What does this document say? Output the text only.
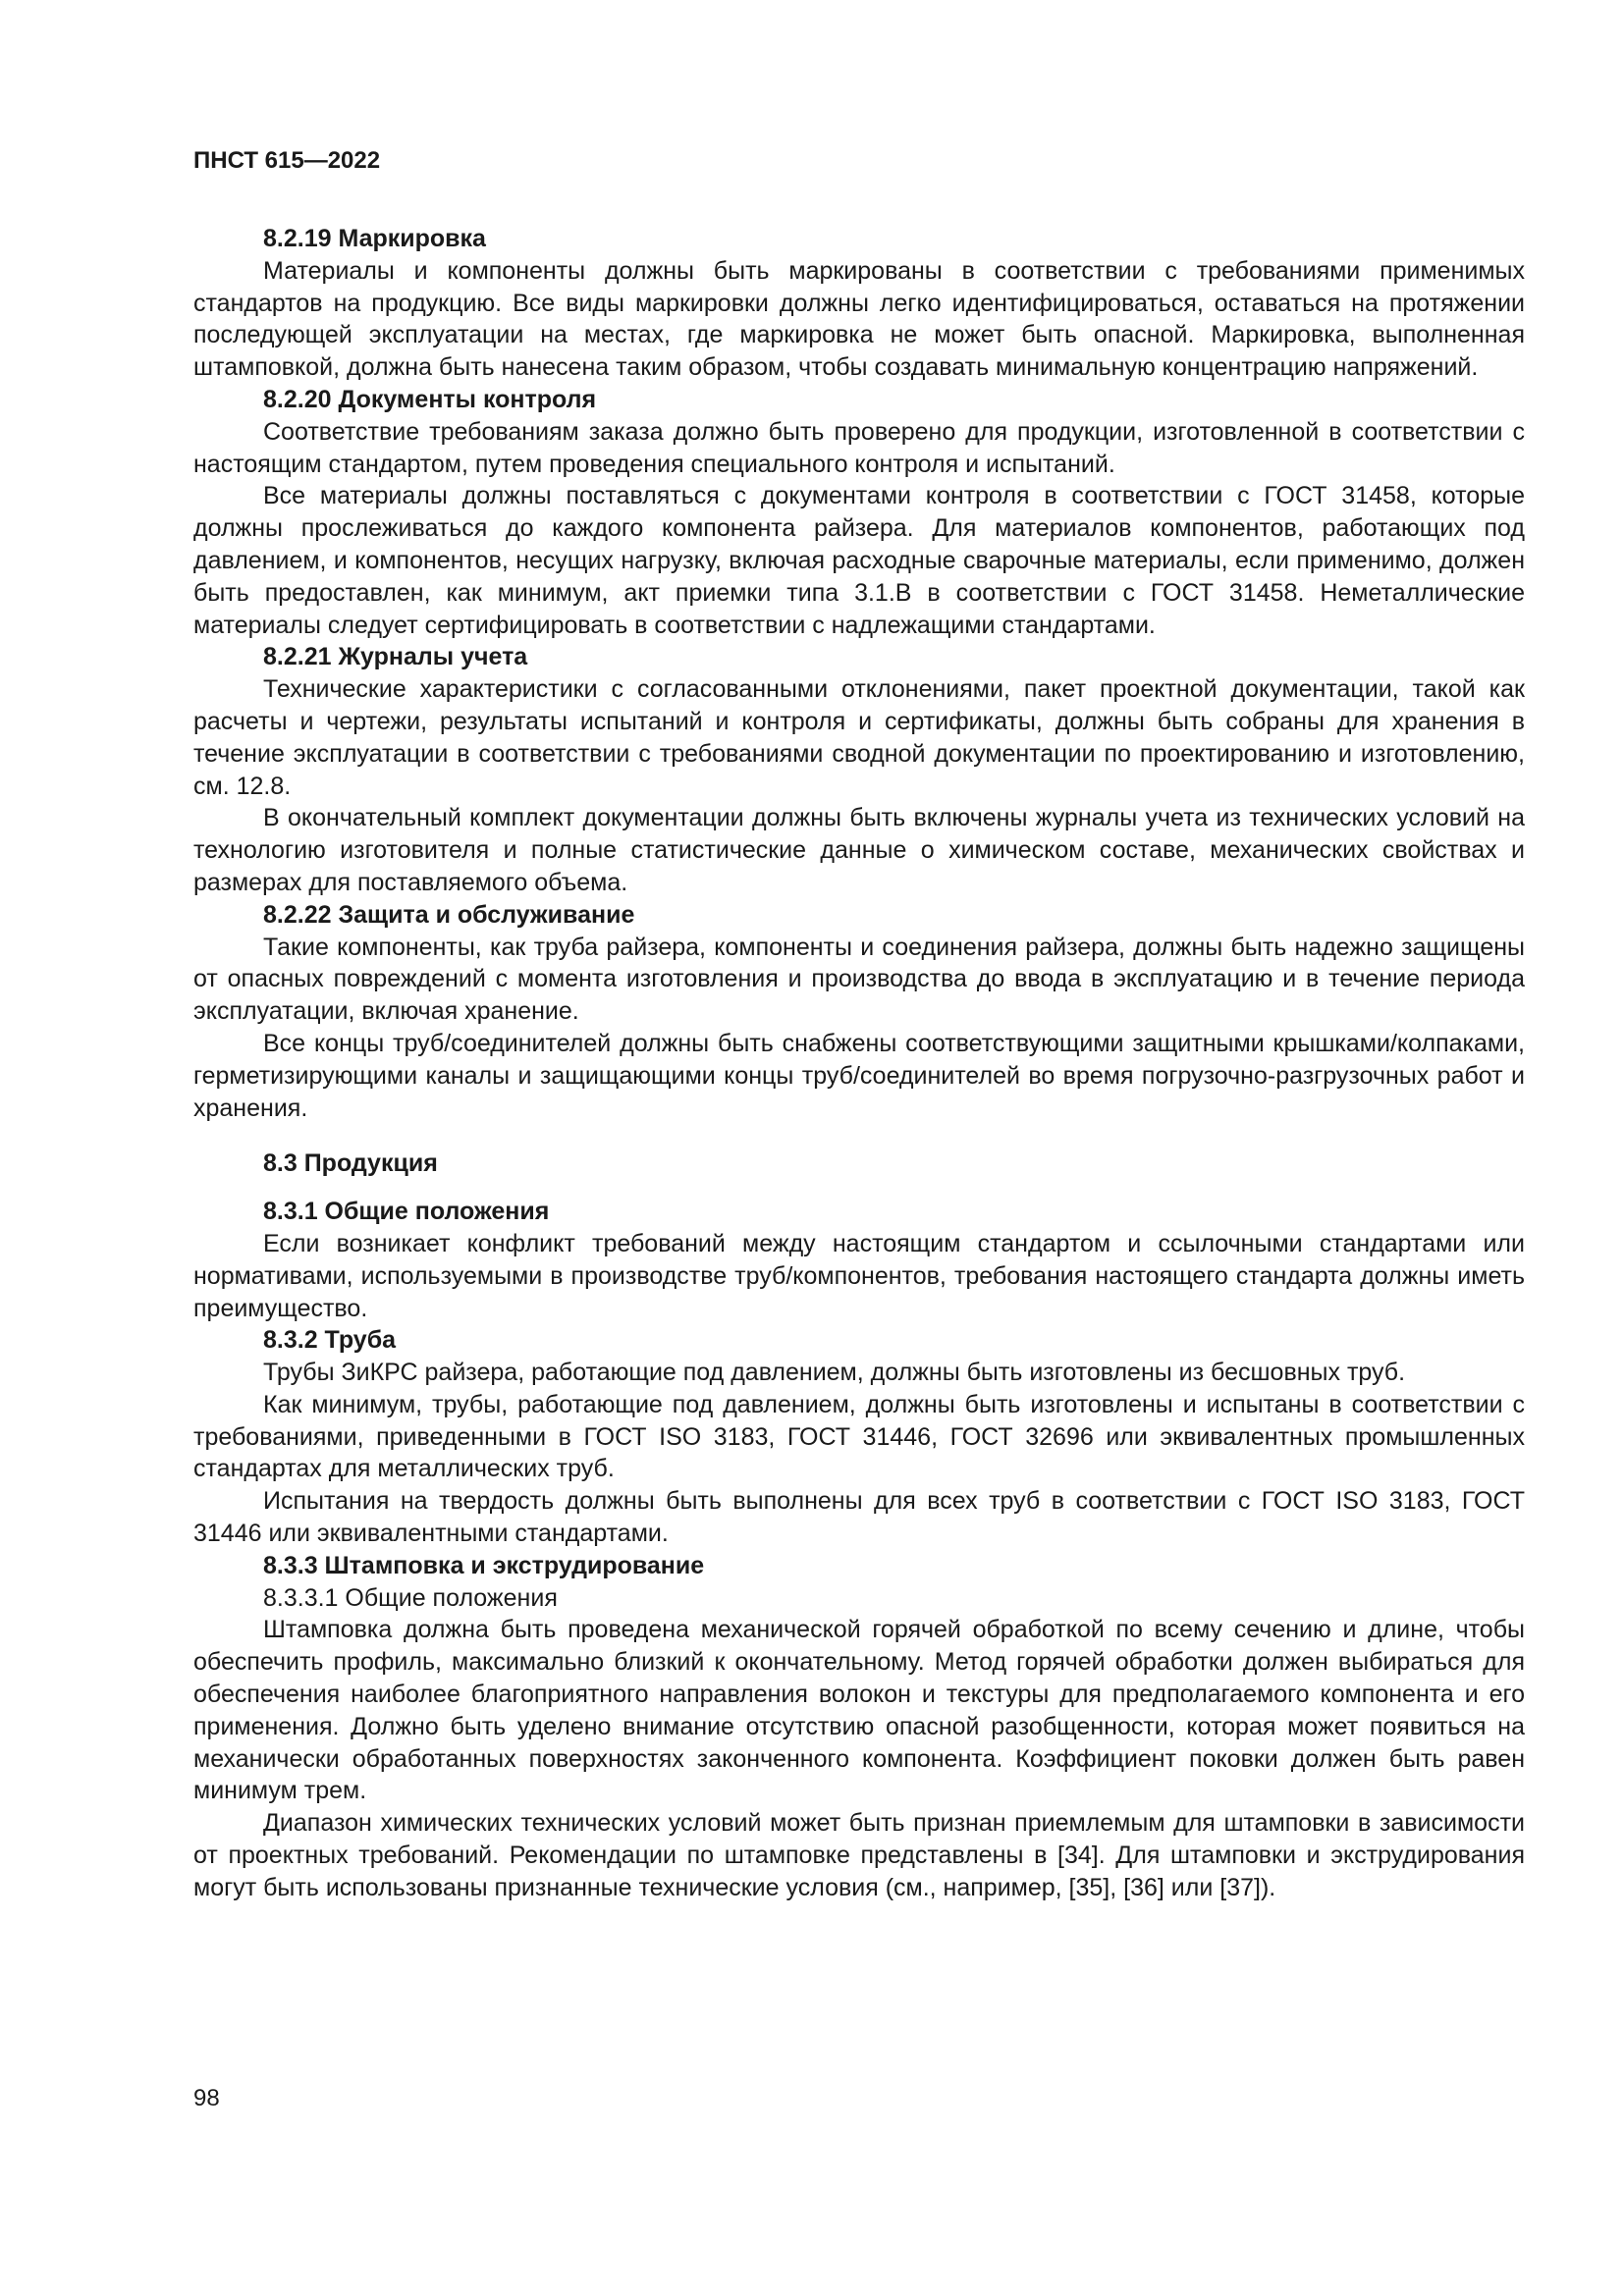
ПНСТ 615—2022
8.2.19 Маркировка

Материалы и компоненты должны быть маркированы в соответствии с требованиями применимых стандартов на продукцию. Все виды маркировки должны легко идентифицироваться, оставаться на протяжении последующей эксплуатации на местах, где маркировка не может быть опасной. Маркировка, выполненная штамповкой, должна быть нанесена таким образом, чтобы создавать минимальную концентрацию напряжений.

8.2.20 Документы контроля

Соответствие требованиям заказа должно быть проверено для продукции, изготовленной в соответствии с настоящим стандартом, путем проведения специального контроля и испытаний.

Все материалы должны поставляться с документами контроля в соответствии с ГОСТ 31458, которые должны прослеживаться до каждого компонента райзера. Для материалов компонентов, работающих под давлением, и компонентов, несущих нагрузку, включая расходные сварочные материалы, если применимо, должен быть предоставлен, как минимум, акт приемки типа 3.1.В в соответствии с ГОСТ 31458. Неметаллические материалы следует сертифицировать в соответствии с надлежащими стандартами.

8.2.21 Журналы учета

Технические характеристики с согласованными отклонениями, пакет проектной документации, такой как расчеты и чертежи, результаты испытаний и контроля и сертификаты, должны быть собраны для хранения в течение эксплуатации в соответствии с требованиями сводной документации по проектированию и изготовлению, см. 12.8.

В окончательный комплект документации должны быть включены журналы учета из технических условий на технологию изготовителя и полные статистические данные о химическом составе, механических свойствах и размерах для поставляемого объема.

8.2.22 Защита и обслуживание

Такие компоненты, как труба райзера, компоненты и соединения райзера, должны быть надежно защищены от опасных повреждений с момента изготовления и производства до ввода в эксплуатацию и в течение периода эксплуатации, включая хранение.

Все концы труб/соединителей должны быть снабжены соответствующими защитными крышками/колпаками, герметизирующими каналы и защищающими концы труб/соединителей во время погрузочно-разгрузочных работ и хранения.

8.3 Продукция
8.3.1 Общие положения

Если возникает конфликт требований между настоящим стандартом и ссылочными стандартами или нормативами, используемыми в производстве труб/компонентов, требования настоящего стандарта должны иметь преимущество.

8.3.2 Труба

Трубы ЗиКРС райзера, работающие под давлением, должны быть изготовлены из бесшовных труб.

Как минимум, трубы, работающие под давлением, должны быть изготовлены и испытаны в соответствии с требованиями, приведенными в ГОСТ ISO 3183, ГОСТ 31446, ГОСТ 32696 или эквивалентных промышленных стандартах для металлических труб.

Испытания на твердость должны быть выполнены для всех труб в соответствии с ГОСТ ISO 3183, ГОСТ 31446 или эквивалентными стандартами.

8.3.3 Штамповка и экструдирование
8.3.3.1 Общие положения

Штамповка должна быть проведена механической горячей обработкой по всему сечению и длине, чтобы обеспечить профиль, максимально близкий к окончательному. Метод горячей обработки должен выбираться для обеспечения наиболее благоприятного направления волокон и текстуры для предполагаемого компонента и его применения. Должно быть уделено внимание отсутствию опасной разобщенности, которая может появиться на механически обработанных поверхностях законченного компонента. Коэффициент поковки должен быть равен минимум трем.

Диапазон химических технических условий может быть признан приемлемым для штамповки в зависимости от проектных требований. Рекомендации по штамповке представлены в [34]. Для штамповки и экструдирования могут быть использованы признанные технические условия (см., например, [35], [36] или [37]).

98
